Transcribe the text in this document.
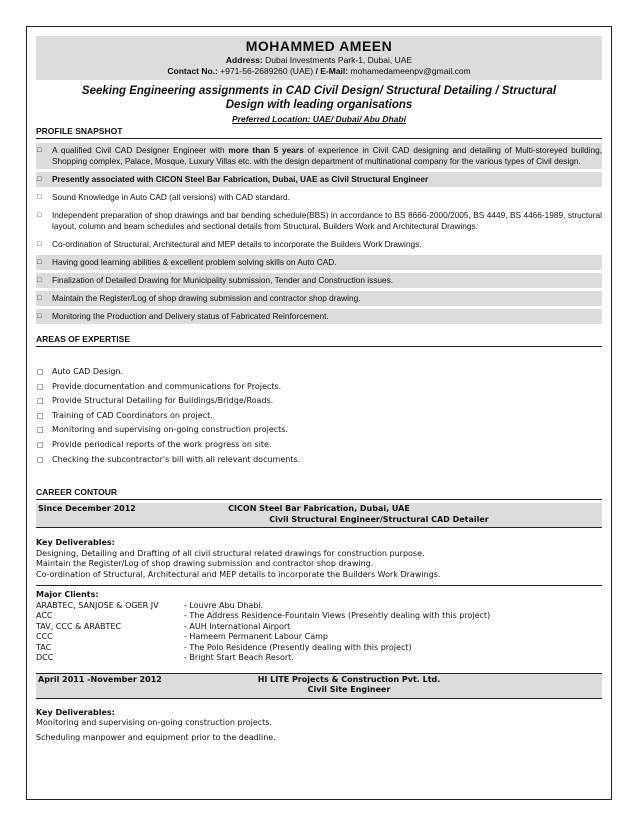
MOHAMMED AMEEN
Address: Dubai Investments Park-1, Dubai, UAE
Contact No.: +971-56-2689260 (UAE) / E-Mail: mohamedameenpv@gmail.com
Seeking Engineering assignments in CAD Civil Design/ Structural Detailing / Structural
Design with leading organisations
Preferred Location: UAE/ Dubai/ Abu Dhabi
PROFILE SNAPSHOT
□ A qualified Civil CAD Designer Engineer with more than 5 years of experience in Civil CAD designing and detailing of Multi-storeyed building, Shopping complex, Palace, Mosque, Luxury Villas etc. with the design department of multinational company for the various types of Civil design.
□ Presently associated with CICON Steel Bar Fabrication, Dubai, UAE as Civil Structural Engineer
□ Sound Knowledge in Auto CAD (all versions) with CAD standard.
□ Independent preparation of shop drawings and bar bending schedule(BBS) in accordance to BS 8666-2000/2005, BS 4449, BS 4466-1989, structural layout, column and beam schedules and sectional details from Structural, Builders Work and Architectural Drawings.
□ Co-ordination of Structural, Architectural and MEP details to incorporate the Builders Work Drawings.
□ Having good learning abilities & excellent problem solving skills on Auto CAD.
□ Finalization of Detailed Drawing for Municipality submission, Tender and Construction issues.
□ Maintain the Register/Log of shop drawing submission and contractor shop drawing.
□ Monitoring the Production and Delivery status of Fabricated Reinforcement.
AREAS OF EXPERTISE
□ Auto CAD Design.
□ Provide documentation and communications for Projects.
□ Provide Structural Detailing for Buildings/Bridge/Roads.
□ Training of CAD Coordinators on project.
□ Monitoring and supervising on-going construction projects.
□ Provide periodical reports of the work progress on site.
□ Checking the subcontractor's bill with all relevant documents.
CAREER CONTOUR
Since December 2012	CICON Steel Bar Fabrication, Dubai, UAE
Civil Structural Engineer/Structural CAD Detailer
Key Deliverables:
Designing, Detailing and Drafting of all civil structural related drawings for construction purpose.
Maintain the Register/Log of shop drawing submission and contractor shop drawing.
Co-ordination of Structural, Architectural and MEP details to incorporate the Builders Work Drawings.
Major Clients:
ARABTEC, SANJOSE & OGER JV	- Louvre Abu Dhabi.
ACC	- The Address Residence-Fountain Views (Presently dealing with this project)
TAV, CCC & ARABTEC	- AUH International Airport
CCC	- Hameem Permanent Labour Camp
TAC	- The Polo Residence (Presently dealing with this project)
DCC	- Bright Start Beach Resort.
April 2011 -November 2012	HI LITE Projects & Construction Pvt. Ltd.
Civil Site Engineer
Key Deliverables:
Monitoring and supervising on-going construction projects.
Scheduling manpower and equipment prior to the deadline.
